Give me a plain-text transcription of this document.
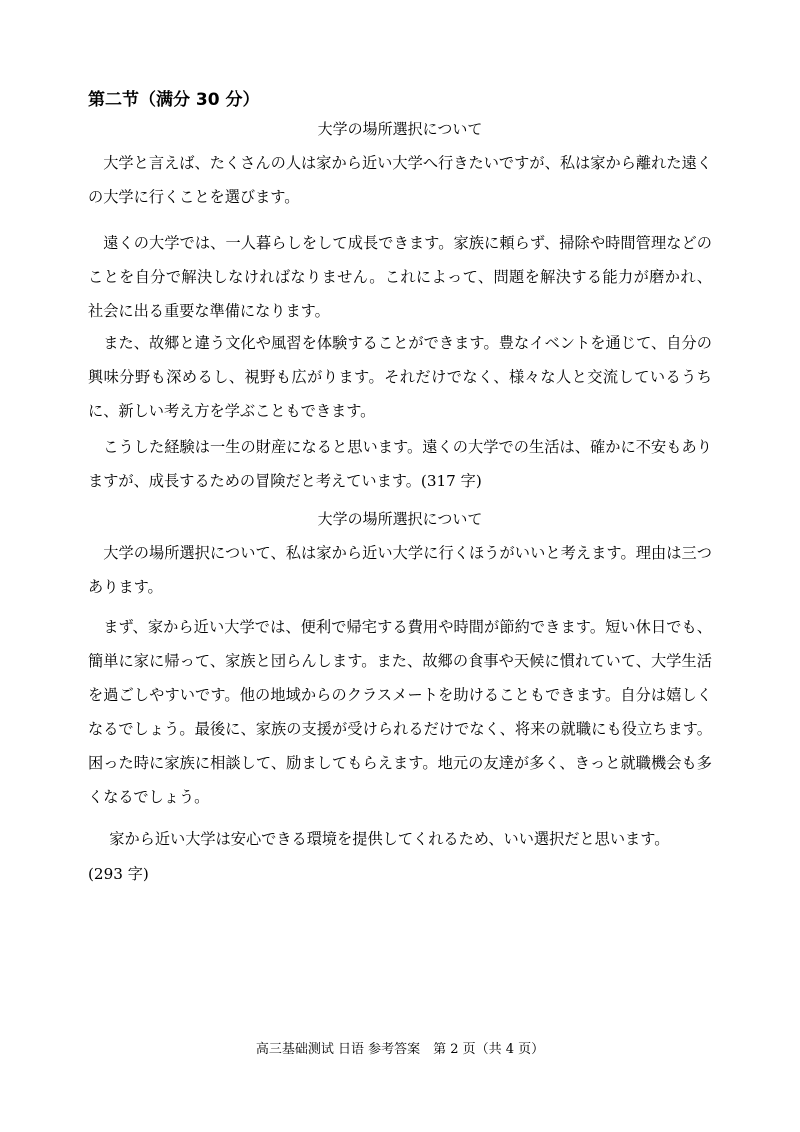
第二节（满分 30 分）
大学の場所選択について

大学と言えば、たくさんの人は家から近い大学へ行きたいですが、私は家から離れた遠くの大学に行くことを選びます。

遠くの大学では、一人暮らしをして成長できます。家族に頼らず、掃除や時間管理などのことを自分で解決しなければなりません。これによって、問題を解決する能力が磨かれ、社会に出る重要な準備になります。

また、故郷と違う文化や風習を体験することができます。豊なイベントを通じて、自分の興味分野も深めるし、視野も広がります。それだけでなく、様々な人と交流しているうちに、新しい考え方を学ぶこともできます。

こうした経験は一生の財産になると思います。遠くの大学での生活は、確かに不安もありますが、成長するための冒険だと考えています。(317 字)

大学の場所選択について

大学の場所選択について、私は家から近い大学に行くほうがいいと考えます。理由は三つあります。

まず、家から近い大学では、便利で帰宅する費用や時間が節約できます。短い休日でも、簡単に家に帰って、家族と団らんします。また、故郷の食事や天候に慣れていて、大学生活を過ごしやすいです。他の地域からのクラスメートを助けることもできます。自分は嬉しくなるでしょう。最後に、家族の支援が受けられるだけでなく、将来の就職にも役立ちます。困った時に家族に相談して、励ましてもらえます。地元の友達が多く、きっと就職機会も多くなるでしょう。

家から近い大学は安心できる環境を提供してくれるため、いい選択だと思います。

(293 字)
高三基础测试 日语 参考答案　第 2 页（共 4 页）
